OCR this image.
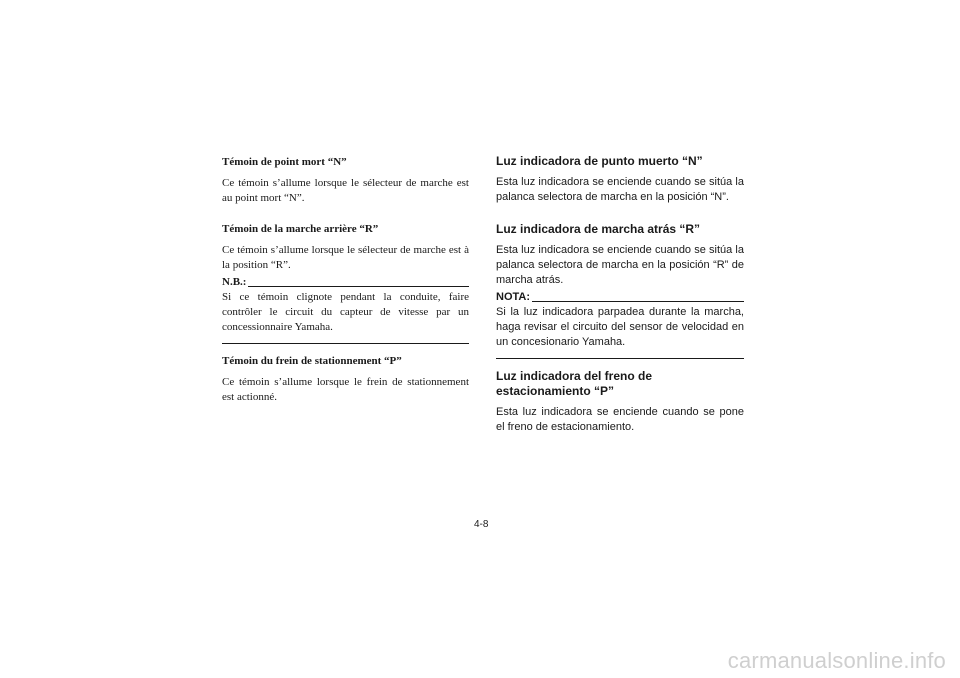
Témoin de point mort “N”

Ce témoin s’allume lorsque le sélecteur de marche est au point mort “N”.

Témoin de la marche arrière “R”

Ce témoin s’allume lorsque le sélecteur de marche est à la position “R”.

N.B.:

Si ce témoin clignote pendant la conduite, faire contrôler le circuit du capteur de vitesse par un concessionnaire Yamaha.

Témoin du frein de stationnement “P”

Ce témoin s’allume lorsque le frein de stationnement est actionné.

Luz indicadora de punto muerto “N”

Esta luz indicadora se enciende cuando se sitúa la palanca selectora de marcha en la posición “N”.

Luz indicadora de marcha atrás “R”

Esta luz indicadora se enciende cuando se sitúa la palanca selectora de marcha en la posición “R” de marcha atrás.

NOTA:

Si la luz indicadora parpadea durante la marcha, haga revisar el circuito del sensor de velocidad en un concesionario Yamaha.

Luz indicadora del freno de estacionamiento “P”

Esta luz indicadora se enciende cuando se pone el freno de estacionamiento.

4-8
carmanualsonline.info
